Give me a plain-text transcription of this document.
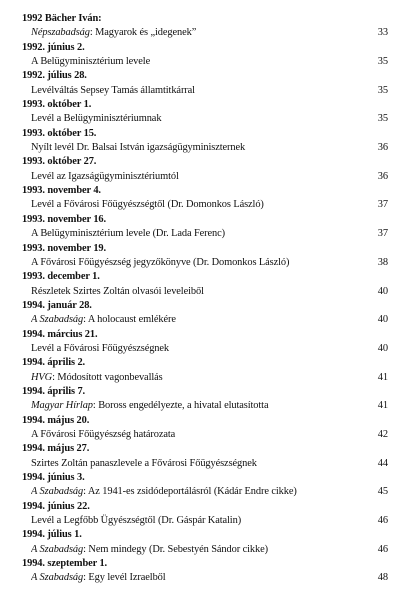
1992 Bächer Iván:
Népszabadság: Magyarok és „idegenek”	33
1992. június 2.
A Belügyminisztérium levele	35
1992. július 28.
Levélváltás Sepsey Tamás államtitkárral	35
1993. október 1.
Levél a Belügyminisztériumnak	35
1993. október 15.
Nyílt levél Dr. Balsai István igazságügyminiszternek	36
1993. október 27.
Levél az Igazságügyminisztériumtól	36
1993. november 4.
Levél a Fővárosi Főügyészségtől (Dr. Domonkos László)	37
1993. november 16.
A Belügyminisztérium levele (Dr. Lada Ferenc)	37
1993. november 19.
A Fővárosi Főügyészség jegyzőkönyve (Dr. Domonkos László)	38
1993. december 1.
Részletek Szirtes Zoltán olvasói leveleiből	40
1994. január 28.
A Szabadság: A holocaust emlékére	40
1994. március 21.
Levél a Fővárosi Főügyészségnek	40
1994. április 2.
HVG: Módosított vagonbevallás	41
1994. április 7.
Magyar Hírlap: Boross engedélyezte, a hivatal elutasította	41
1994. május 20.
A Fővárosi Főügyészség határozata	42
1994. május 27.
Szirtes Zoltán panaszlevele a Fővárosi Főügyészségnek	44
1994. június 3.
A Szabadság: Az 1941-es zsidódeportálásról (Kádár Endre cikke)	45
1994. június 22.
Levél a Legfőbb Ügyészségtől (Dr. Gáspár Katalin)	46
1994. július 1.
A Szabadság: Nem mindegy (Dr. Sebestyén Sándor cikke)	46
1994. szeptember 1.
A Szabadság: Egy levél Izraelből	48
